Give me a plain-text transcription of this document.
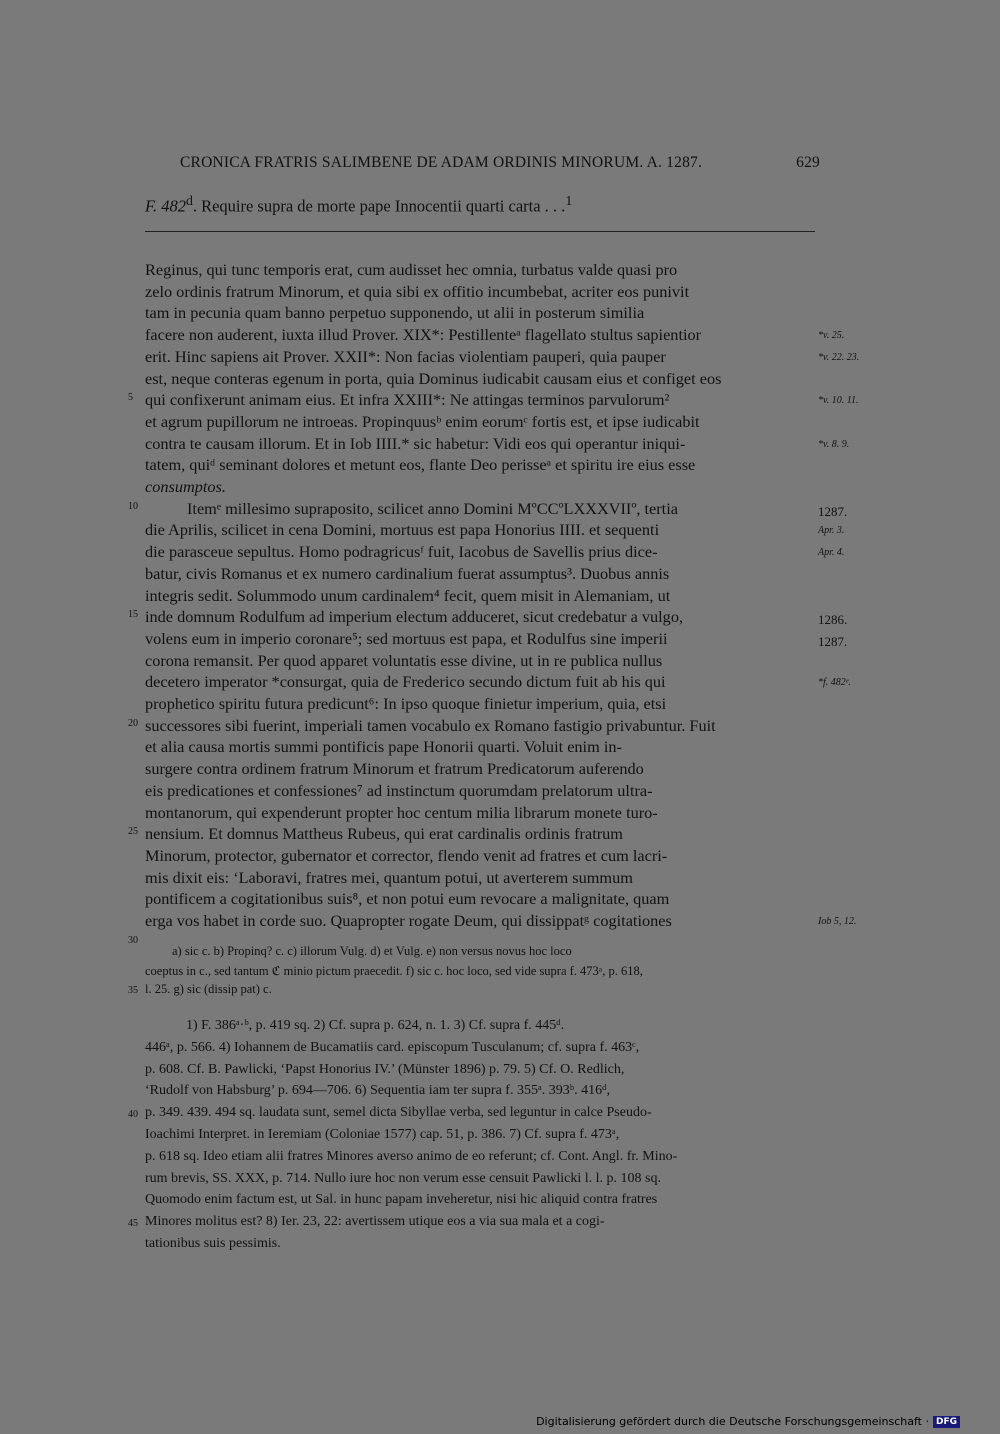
CRONICA FRATRIS SALIMBENE DE ADAM ORDINIS MINORUM. A. 1287.	629
F. 482$^d$. Require supra de morte pape Innocentii quarti carta . . .$^1$
Reginus, qui tunc temporis erat, cum audisset hec omnia, turbatus valde quasi pro
zelo ordinis fratrum Minorum, et quia sibi ex offitio incumbebat, acriter eos punivit
tam in pecunia quam banno perpetuo supponendo, ut alii in posterum similia
facere non auderent, iuxta illud Prover. XIX*: Pestillenteᵃ flagellato stultus sapientior
erit. Hinc sapiens ait Prover. XXII*: Non facias violentiam pauperi, quia pauper
est, neque conteras egenum in porta, quia Dominus iudicabit causam eius et configet eos
qui confixerunt animam eius. Et infra XXIII*: Ne attingas terminos parvulorum²
et agrum pupillorum ne introeas. Propinquusᵇ enim eorumᶜ fortis est, et ipse iudicabit
contra te causam illorum. Et in Iob IIII.* sic habetur: Vidi eos qui operantur iniqui-
tatem, quiᵈ seminant dolores et metunt eos, flante Deo perisseᵃ et spiritu ire eius esse
consumptos.
Itemᵉ millesimo supraposito, scilicet anno Domini MºCCºLXXXVIIº, tertia
die Aprilis, scilicet in cena Domini, mortuus est papa Honorius IIII. et sequenti
die parasceue sepultus. Homo podragricusᶠ fuit, Iacobus de Savellis prius dice-
batur, civis Romanus et ex numero cardinalium fuerat assumptus³. Duobus annis
integris sedit. Solummodo unum cardinalem⁴ fecit, quem misit in Alemaniam, ut
inde domnum Rodulfum ad imperium electum adduceret, sicut credebatur a vulgo,
volens eum in imperio coronare⁵; sed mortuus est papa, et Rodulfus sine imperii
corona remansit. Per quod apparet voluntatis esse divine, ut in re publica nullus
decetero imperator *consurgat, quia de Frederico secundo dictum fuit ab his qui
prophetico spiritu futura predicunt⁶: In ipso quoque finietur imperium, quia, etsi
successores sibi fuerint, imperiali tamen vocabulo ex Romano fastigio privabuntur. Fuit
et alia causa mortis summi pontificis pape Honorii quarti. Voluit enim in-
surgere contra ordinem fratrum Minorum et fratrum Predicatorum auferendo
eis predicationes et confessiones⁷ ad instinctum quorumdam prelatorum ultra-
montanorum, qui expenderunt propter hoc centum milia librarum monete turo-
nensium. Et domnus Mattheus Rubeus, qui erat cardinalis ordinis fratrum
Minorum, protector, gubernator et corrector, flendo venit ad fratres et cum lacri-
mis dixit eis: ‘Laboravi, fratres mei, quantum potui, ut averterem summum
pontificem a cogitationibus suis⁸, et non potui eum revocare a malignitate, quam
erga vos habet in corde suo. Quapropter rogate Deum, qui dissippatᵍ cogitationes
5
10
15
20
25
30
*v. 25.
*v. 22. 23.
*v. 10. 11.
*v. 8. 9.
1287.
Apr. 3.
Apr. 4.
1286.
1287.
*f. 482ᵉ.
Iob 5, 12.
a) sic c. b) Propinq? c. c) illorum Vulg. d) et Vulg. e) non versus novus hoc loco
coeptus in c., sed tantum ℭ minio pictum praecedit. f) sic c. hoc loco, sed vide supra f. 473ᵃ, p. 618,
l. 25. g) sic (dissip pat) c.
35
1) F. 386ᵃ·ᵇ, p. 419 sq. 2) Cf. supra p. 624, n. 1. 3) Cf. supra f. 445ᵈ.
446ᵃ, p. 566. 4) Iohannem de Bucamatiis card. episcopum Tusculanum; cf. supra f. 463ᶜ,
p. 608. Cf. B. Pawlicki, ‘Papst Honorius IV.’ (Münster 1896) p. 79. 5) Cf. O. Redlich,
‘Rudolf von Habsburg’ p. 694—706. 6) Sequentia iam ter supra f. 355ᵃ. 393ᵇ. 416ᵈ,
p. 349. 439. 494 sq. laudata sunt, semel dicta Sibyllae verba, sed leguntur in calce Pseudo-
Ioachimi Interpret. in Ieremiam (Coloniae 1577) cap. 51, p. 386. 7) Cf. supra f. 473ᵃ,
p. 618 sq. Ideo etiam alii fratres Minores averso animo de eo referunt; cf. Cont. Angl. fr. Mino-
rum brevis, SS. XXX, p. 714. Nullo iure hoc non verum esse censuit Pawlicki l. l. p. 108 sq.
Quomodo enim factum est, ut Sal. in hunc papam inveheretur, nisi hic aliquid contra fratres
Minores molitus est? 8) Ier. 23, 22: avertissem utique eos a via sua mala et a cogi-
tationibus suis pessimis.
40
45
Digitalisierung gefördert durch die Deutsche Forschungsgemeinschaft · DFG
